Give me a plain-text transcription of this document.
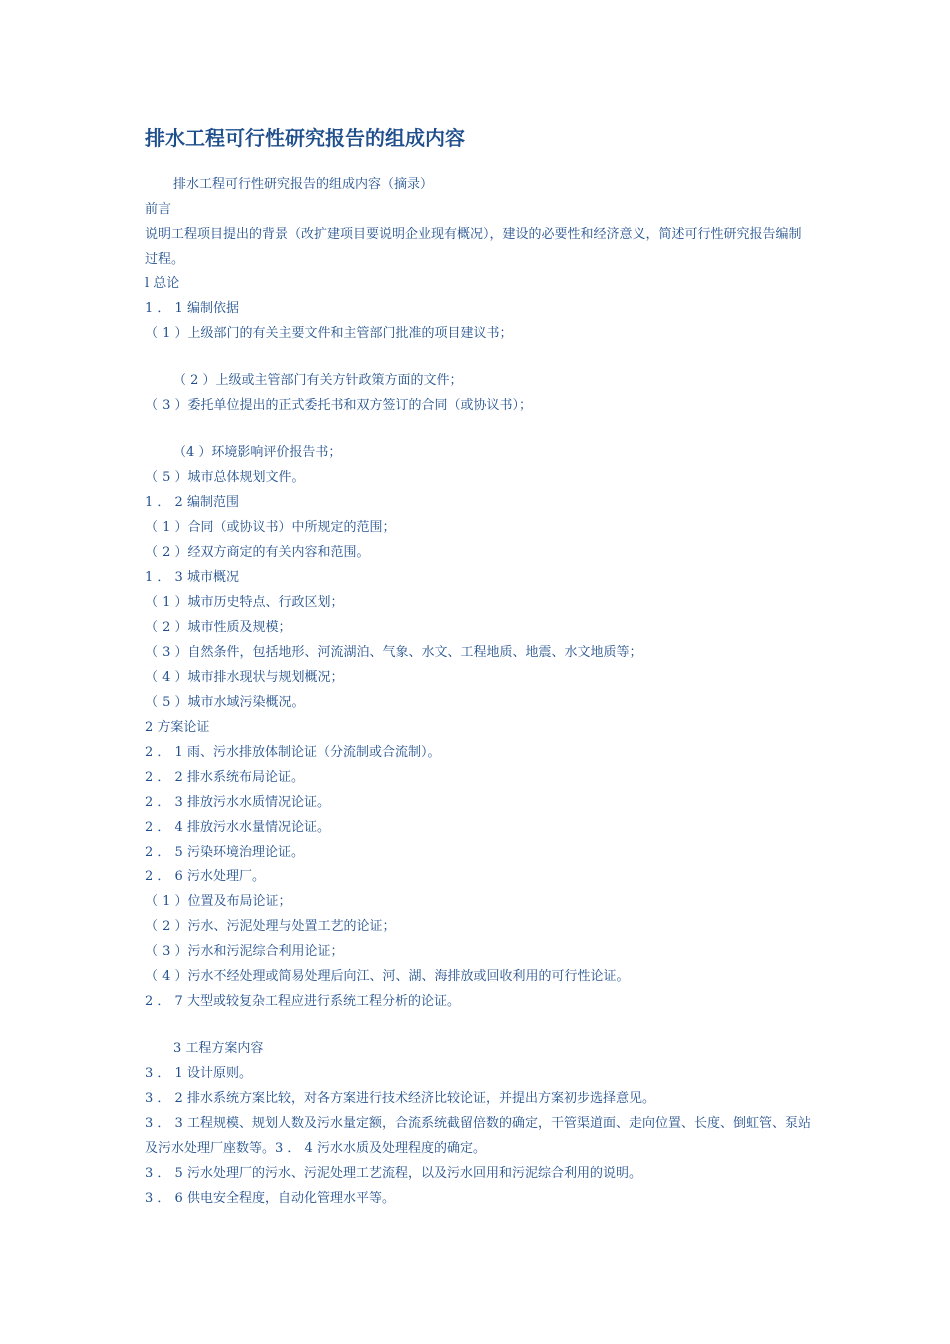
排水工程可行性研究报告的组成内容

排水工程可行性研究报告的组成内容（摘录）

前言

说明工程项目提出的背景（改扩建项目要说明企业现有概况），建设的必要性和经济意义，简述可行性研究报告编制过程。

l 总论

1 ． 1 编制依据

（ 1 ）上级部门的有关主要文件和主管部门批准的项目建议书；

（ 2 ）上级或主管部门有关方针政策方面的文件；

（ 3 ）委托单位提出的正式委托书和双方签订的合同（或协议书）；

（4 ）环境影响评价报告书；

（ 5 ）城市总体规划文件。

1 ． 2 编制范围

（ 1 ）合同（或协议书）中所规定的范围；

（ 2 ）经双方商定的有关内容和范围。

1 ． 3 城市概况

（ 1 ）城市历史特点、行政区划；

（ 2 ）城市性质及规模；

（ 3 ）自然条件，包括地形、河流湖泊、气象、水文、工程地质、地震、水文地质等；

（ 4 ）城市排水现状与规划概况；

（ 5 ）城市水域污染概况。

2 方案论证

2 ． 1 雨、污水排放体制论证（分流制或合流制）。

2 ． 2 排水系统布局论证。

2 ． 3 排放污水水质情况论证。

2 ． 4 排放污水水量情况论证。

2 ． 5 污染环境治理论证。

2 ． 6 污水处理厂。

（ 1 ）位置及布局论证；

（ 2 ）污水、污泥处理与处置工艺的论证；

（ 3 ）污水和污泥综合利用论证；

（ 4 ）污水不经处理或简易处理后向江、河、湖、海排放或回收利用的可行性论证。

2 ． 7 大型或较复杂工程应进行系统工程分析的论证。

3 工程方案内容

3 ． 1 设计原则。

3 ． 2 排水系统方案比较，对各方案进行技术经济比较论证，并提出方案初步选择意见。

3 ． 3 工程规模、规划人数及污水量定额，合流系统截留倍数的确定，干管渠道面、走向位置、长度、倒虹管、泵站及污水处理厂座数等。3 ． 4 污水水质及处理程度的确定。

3 ． 5 污水处理厂的污水、污泥处理工艺流程，以及污水回用和污泥综合利用的说明。

3 ． 6 供电安全程度，自动化管理水平等。
